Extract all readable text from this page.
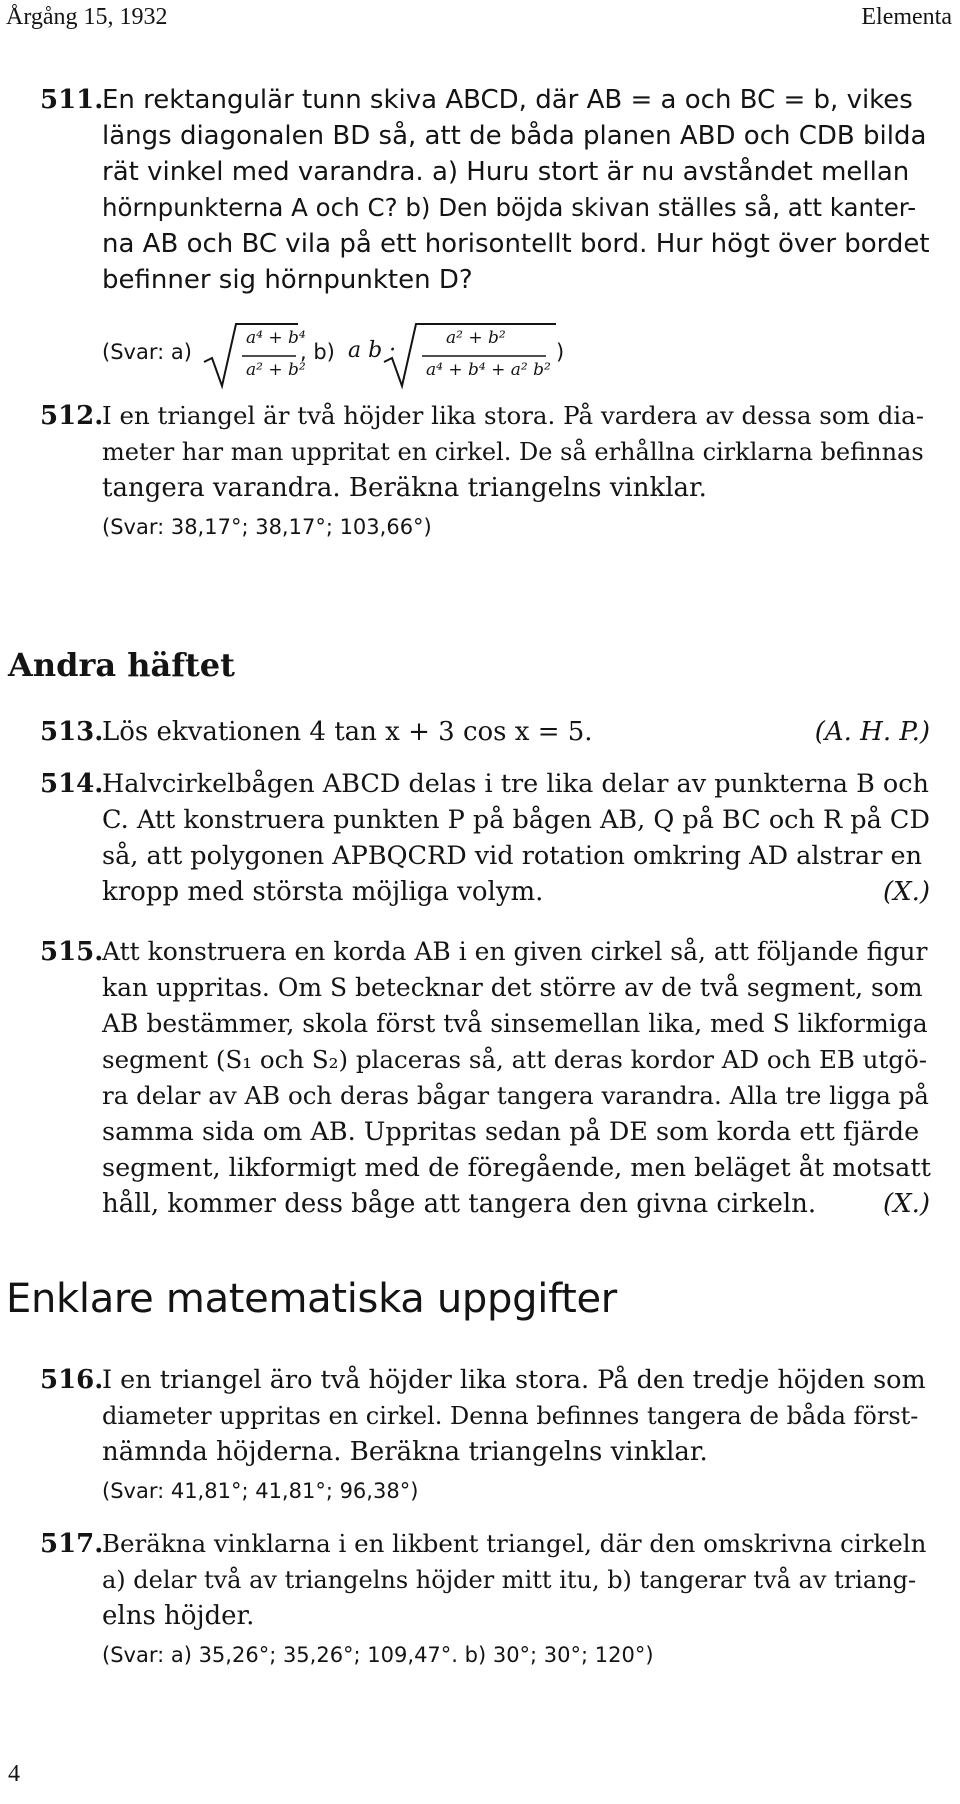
Årgång 15, 1932	Elementa
511.
En rektangulär tunn skiva ABCD, där AB = a och BC = b, vikes
längs diagonalen BD så, att de båda planen ABD och CDB bilda
rät vinkel med varandra. a) Huru stort är nu avståndet mellan
hörnpunkterna A och C? b) Den böjda skivan ställes så, att kanter-
na AB och BC vila på ett horisontellt bord. Hur högt över bordet
befinner sig hörnpunkten D?
(Svar: a)
a⁴ + b⁴
a² + b²
, b) a b ·	a² + b²
a⁴ + b⁴ + a² b²
)
512.
I en triangel är två höjder lika stora. På vardera av dessa som dia-
meter har man uppritat en cirkel. De så erhållna cirklarna befinnas
tangera varandra. Beräkna triangelns vinklar.
(Svar: 38,17°; 38,17°; 103,66°)
Andra häftet
513.
Lös ekvationen 4 tan x + 3 cos x = 5.	(A. H. P.)
514.
Halvcirkelbågen ABCD delas i tre lika delar av punkterna B och
C. Att konstruera punkten P på bågen AB, Q på BC och R på CD
så, att polygonen APBQCRD vid rotation omkring AD alstrar en
kropp med största möjliga volym.	(X.)
515.
Att konstruera en korda AB i en given cirkel så, att följande figur
kan uppritas. Om S betecknar det större av de två segment, som
AB bestämmer, skola först två sinsemellan lika, med S likformiga
segment (S₁ och S₂) placeras så, att deras kordor AD och EB utgö-
ra delar av AB och deras bågar tangera varandra. Alla tre ligga på
samma sida om AB. Uppritas sedan på DE som korda ett fjärde
segment, likformigt med de föregående, men beläget åt motsatt
håll, kommer dess båge att tangera den givna cirkeln.	(X.)
Enklare matematiska uppgifter
516.
I en triangel äro två höjder lika stora. På den tredje höjden som
diameter uppritas en cirkel. Denna befinnes tangera de båda först-
nämnda höjderna. Beräkna triangelns vinklar.
(Svar: 41,81°; 41,81°; 96,38°)
517.
Beräkna vinklarna i en likbent triangel, där den omskrivna cirkeln
a) delar två av triangelns höjder mitt itu, b) tangerar två av triang-
elns höjder.
(Svar: a) 35,26°; 35,26°; 109,47°. b) 30°; 30°; 120°)
4
